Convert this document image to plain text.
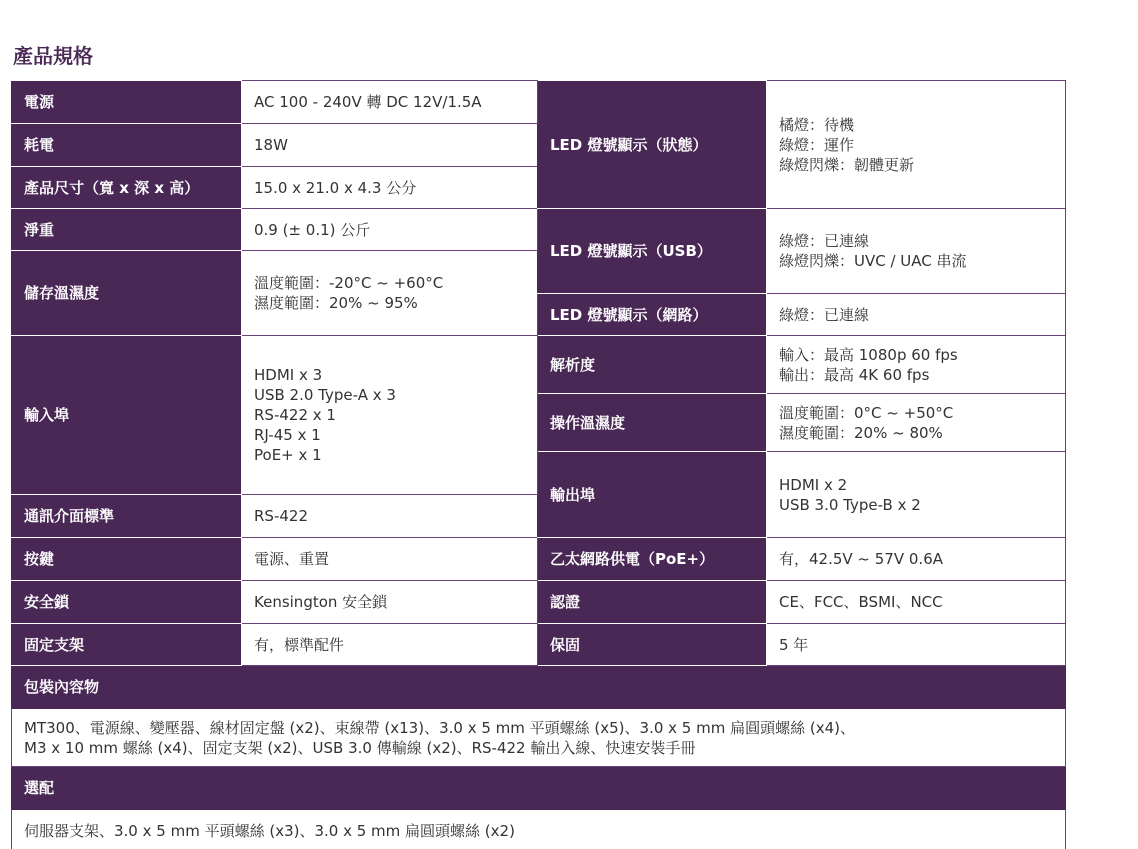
產品規格
電源	AC 100 - 240V 轉 DC 12V/1.5A	LED 燈號顯示（狀態）	橘燈：待機
綠燈：運作
綠燈閃爍：韌體更新
耗電	18W		
產品尺寸（寬 x 深 x 高）	15.0 x 21.0 x 4.3 公分		
淨重	0.9 (± 0.1) 公斤	LED 燈號顯示（USB）	綠燈：已連線
綠燈閃爍：UVC / UAC 串流
儲存溫濕度	溫度範圍：-20°C ~ +60°C
濕度範圍：20% ~ 95%		
		LED 燈號顯示（網路）	綠燈：已連線
輸入埠	HDMI x 3
USB 2.0 Type-A x 3
RS-422 x 1
RJ-45 x 1
PoE+ x 1	解析度	輸入：最高 1080p 60 fps
輸出：最高 4K 60 fps
		操作溫濕度	溫度範圍：0°C ~ +50°C
濕度範圍：20% ~ 80%
		輸出埠	HDMI x 2
USB 3.0 Type-B x 2
通訊介面標準	RS-422		
按鍵	電源、重置	乙太網路供電（PoE+）	有，42.5V ~ 57V 0.6A
安全鎖	Kensington 安全鎖	認證	CE、FCC、BSMI、NCC
固定支架	有，標準配件	保固	5 年
包裝內容物			
MT300、電源線、變壓器、線材固定盤 (x2)、束線帶 (x13)、3.0 x 5 mm 平頭螺絲 (x5)、3.0 x 5 mm 扁圓頭螺絲 (x4)、
M3 x 10 mm 螺絲 (x4)、固定支架 (x2)、USB 3.0 傳輸線 (x2)、RS-422 輸出入線、快速安裝手冊			
選配			
伺服器支架、3.0 x 5 mm 平頭螺絲 (x3)、3.0 x 5 mm 扁圓頭螺絲 (x2)			
